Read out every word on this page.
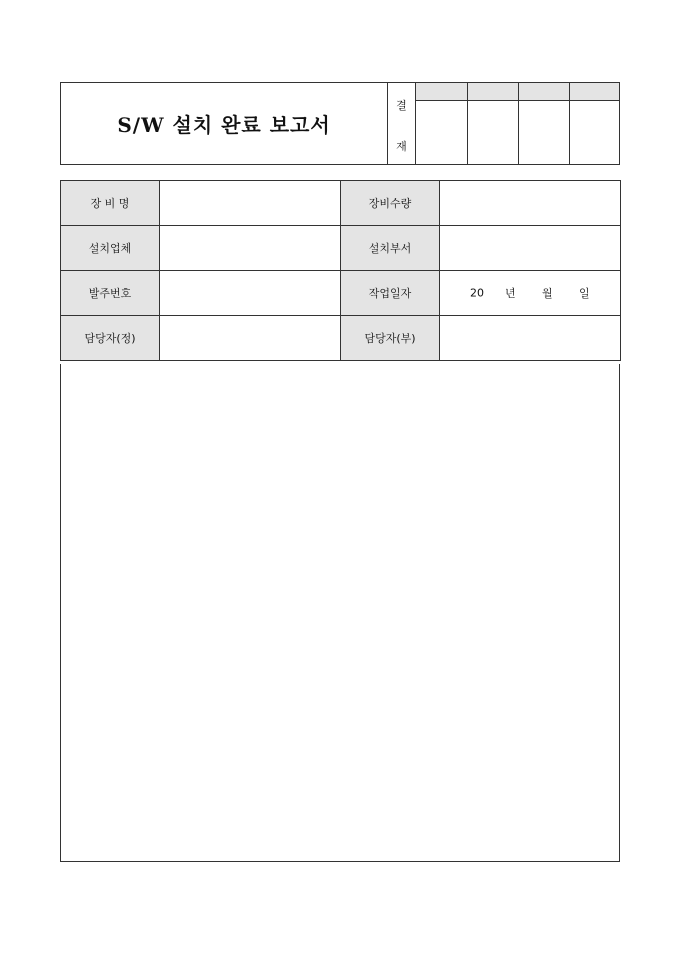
S/W 설치 완료 보고서
결
재
장 비 명		장비수량	
설치업체		설치부서	
발주번호		작업일자	20 년 월 일

담당자(정)		담당자(부)	
